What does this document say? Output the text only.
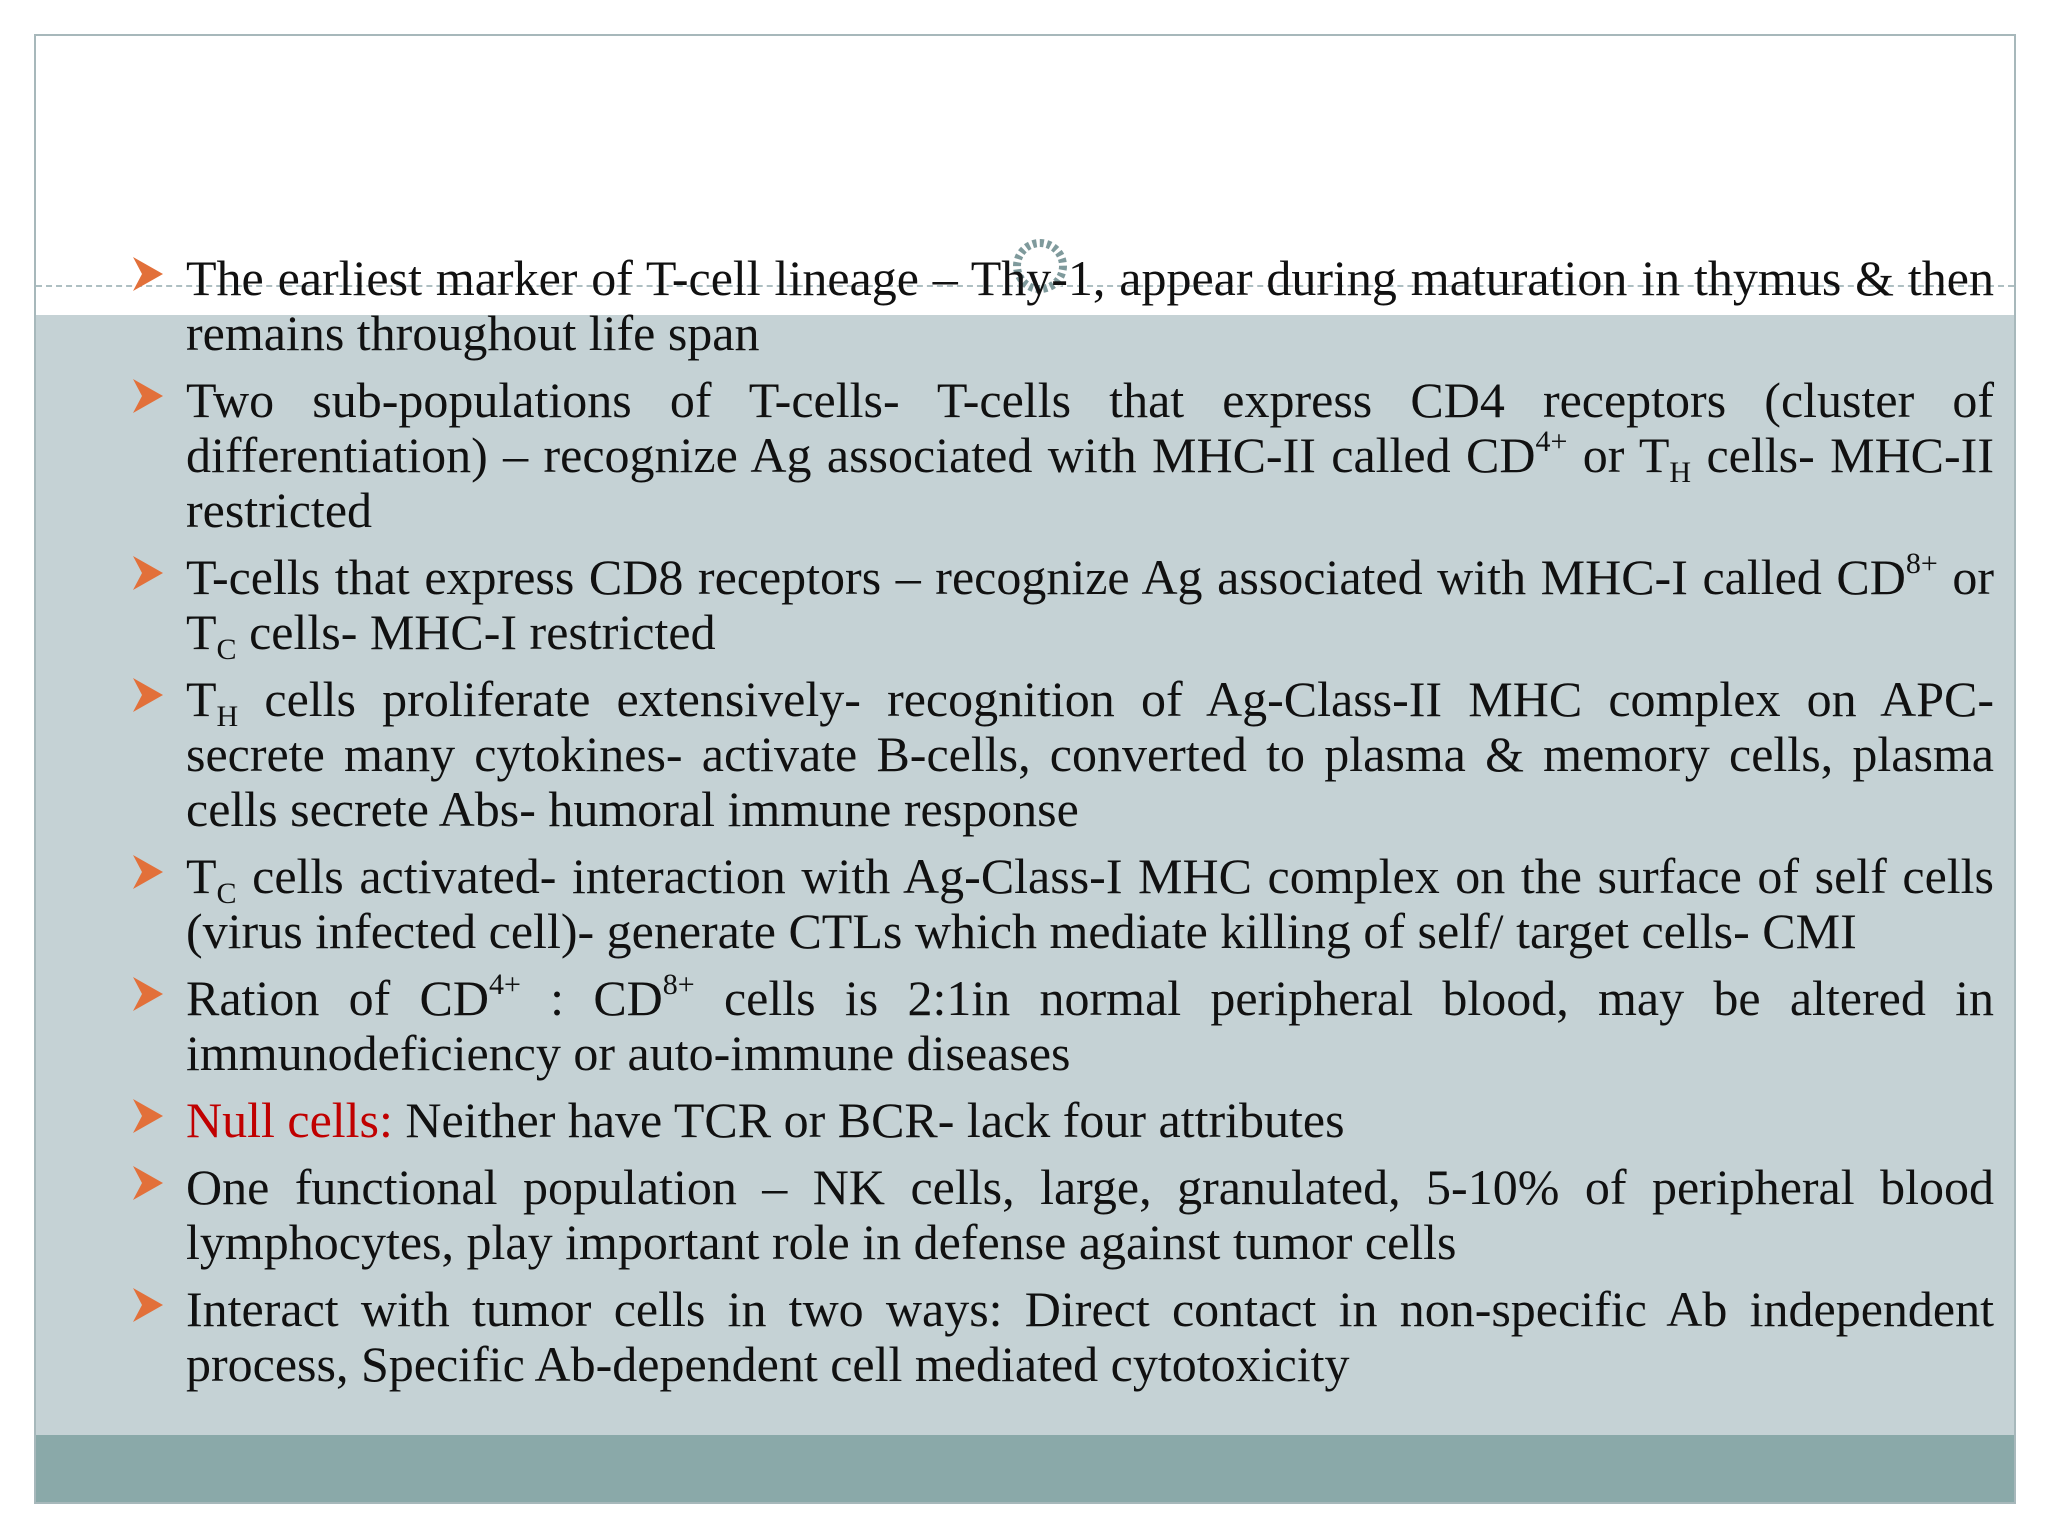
The earliest marker of T-cell lineage – Thy-1, appear during maturation in thymus & then remains throughout life span
Two sub-populations of T-cells- T-cells that express CD4 receptors (cluster of differentiation) – recognize Ag associated with MHC-II called $CD^{4+}$ or $T_H$ cells- MHC-II restricted
T-cells that express CD8 receptors – recognize Ag associated with MHC-I called $CD^{8+}$ or $T_C$ cells- MHC-I restricted
$T_H$ cells proliferate extensively- recognition of Ag-Class-II MHC complex on APC- secrete many cytokines- activate B-cells, converted to plasma & memory cells, plasma cells secrete Abs- humoral immune response
$T_C$ cells activated- interaction with Ag-Class-I MHC complex on the surface of self cells (virus infected cell)- generate CTLs which mediate killing of self/ target cells- CMI
Ration of $CD^{4+}$ : $CD^{8+}$ cells is 2:1in normal peripheral blood, may be altered in immunodeficiency or auto-immune diseases
Null cells: Neither have TCR or BCR- lack four attributes
One functional population – NK cells, large, granulated, 5-10% of peripheral blood lymphocytes, play important role in defense against tumor cells
Interact with tumor cells in two ways: Direct contact in non-specific Ab independent process, Specific Ab-dependent cell mediated cytotoxicity
